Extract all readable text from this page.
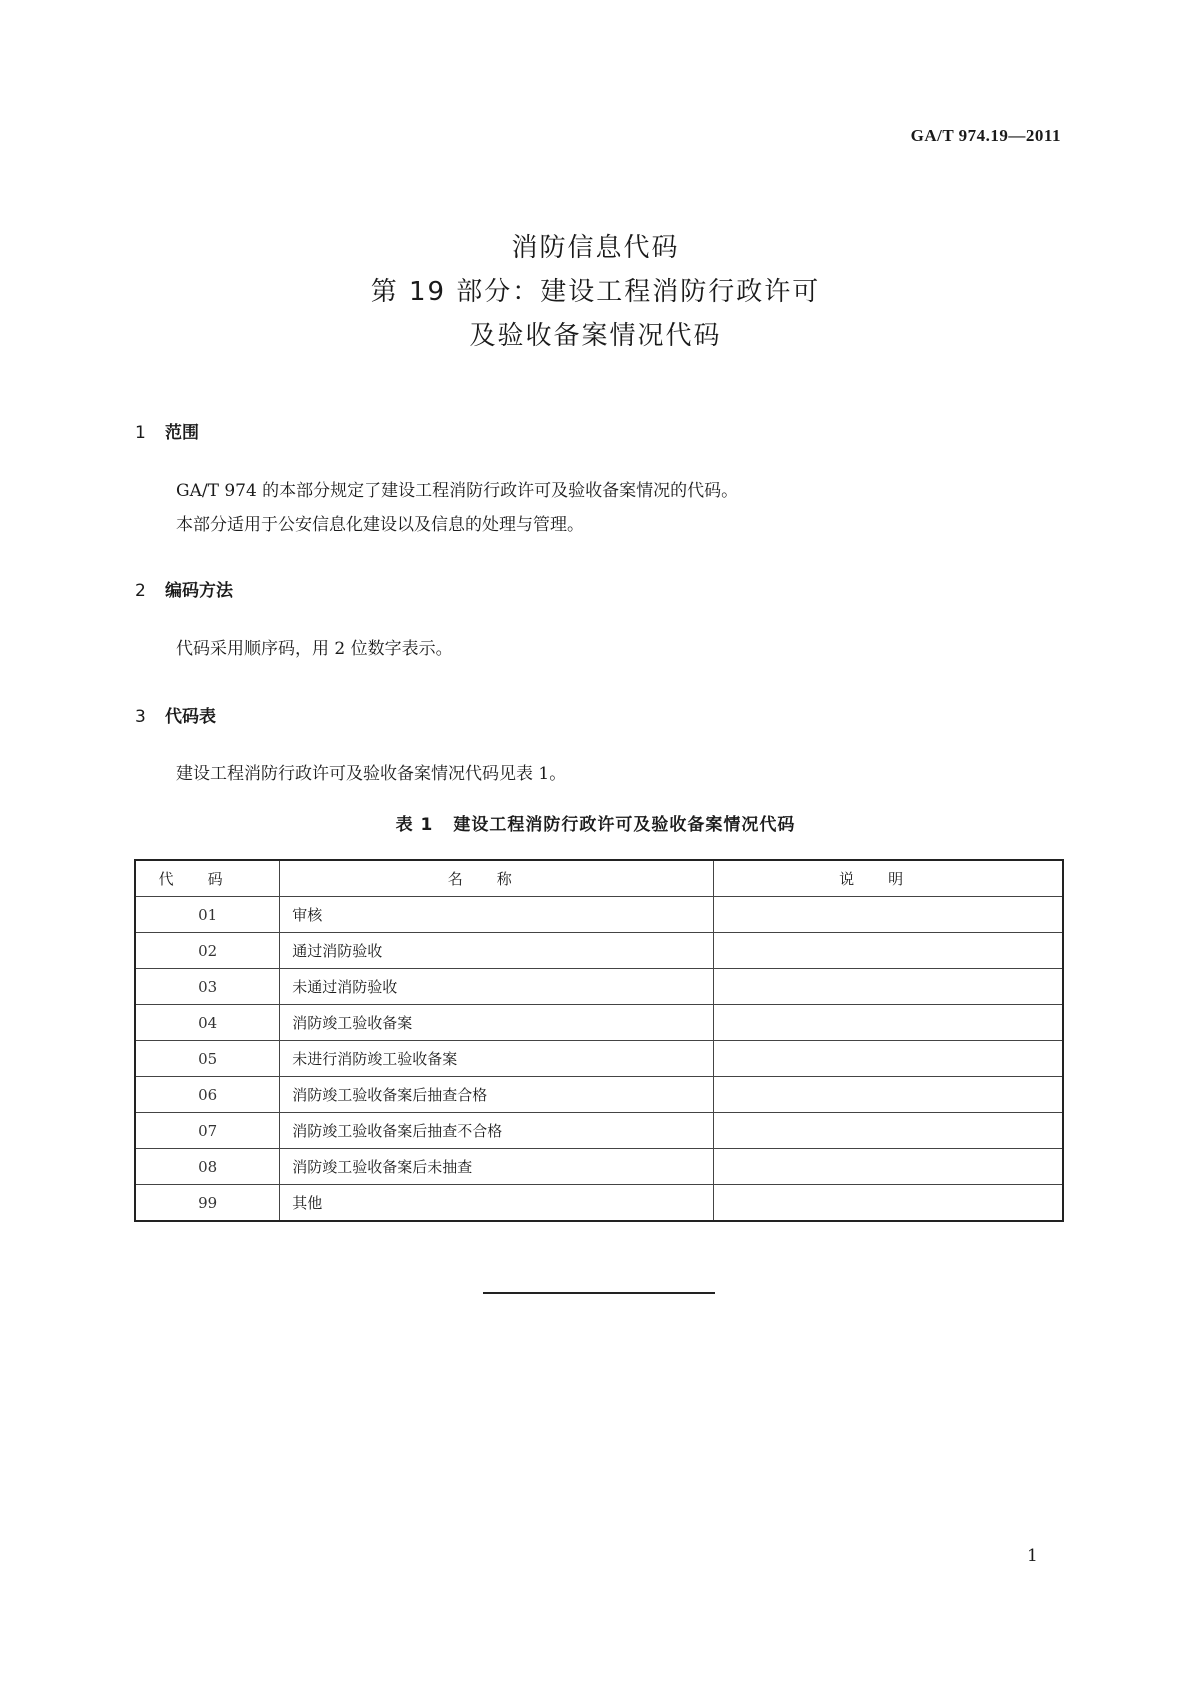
GA/T 974.19—2011
消防信息代码
第 19 部分：建设工程消防行政许可
及验收备案情况代码
1 范围
GA/T 974 的本部分规定了建设工程消防行政许可及验收备案情况的代码。
本部分适用于公安信息化建设以及信息的处理与管理。
2 编码方法
代码采用顺序码，用 2 位数字表示。
3 代码表
建设工程消防行政许可及验收备案情况代码见表 1。
表 1 建设工程消防行政许可及验收备案情况代码
代码	名称	说明
01	审核	
02	通过消防验收	
03	未通过消防验收	
04	消防竣工验收备案	
05	未进行消防竣工验收备案	
06	消防竣工验收备案后抽查合格	
07	消防竣工验收备案后抽查不合格	
08	消防竣工验收备案后未抽查	
99	其他	
1
